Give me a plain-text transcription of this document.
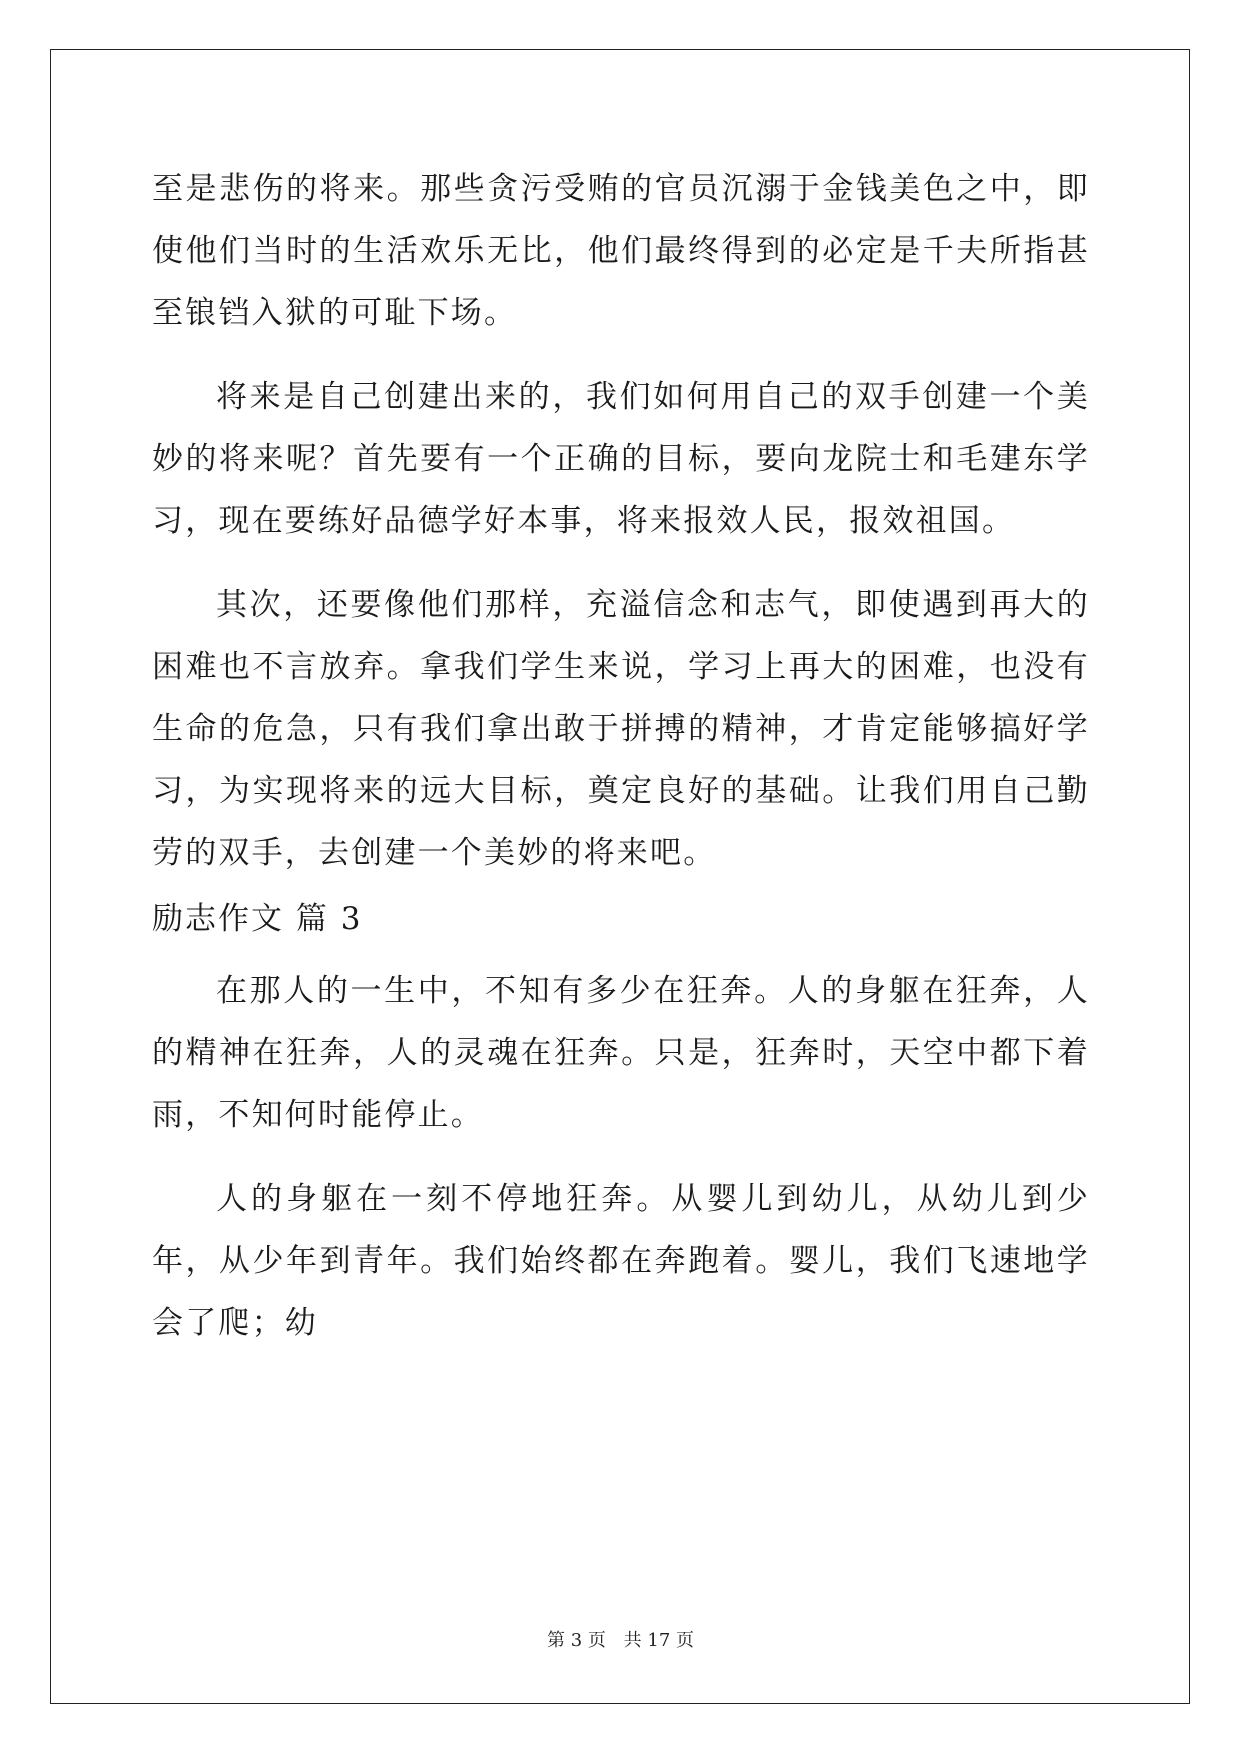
至是悲伤的将来。那些贪污受贿的官员沉溺于金钱美色之中，即使他们当时的生活欢乐无比，他们最终得到的必定是千夫所指甚至锒铛入狱的可耻下场。

将来是自己创建出来的，我们如何用自己的双手创建一个美妙的将来呢？首先要有一个正确的目标，要向龙院士和毛建东学习，现在要练好品德学好本事，将来报效人民，报效祖国。

其次，还要像他们那样，充溢信念和志气，即使遇到再大的困难也不言放弃。拿我们学生来说，学习上再大的困难，也没有生命的危急，只有我们拿出敢于拼搏的精神，才肯定能够搞好学习，为实现将来的远大目标，奠定良好的基础。让我们用自己勤劳的双手，去创建一个美妙的将来吧。

励志作文 篇 3

在那人的一生中，不知有多少在狂奔。人的身躯在狂奔，人的精神在狂奔，人的灵魂在狂奔。只是，狂奔时，天空中都下着雨，不知何时能停止。

人的身躯在一刻不停地狂奔。从婴儿到幼儿，从幼儿到少年，从少年到青年。我们始终都在奔跑着。婴儿，我们飞速地学会了爬；幼

第 3 页 共 17 页
